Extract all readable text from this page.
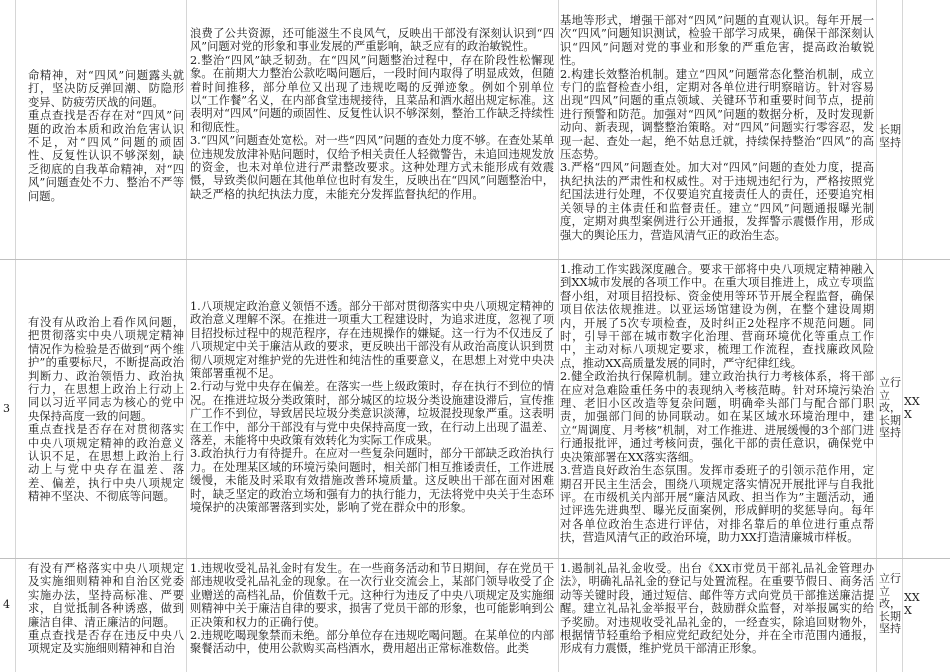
命精神，对“四风”问题露头就打，坚决防反弹回潮、防隐形变异、防疲劳厌战的问题。
重点查找是否存在对“四风”问题的政治本质和政治危害认识不足，对“四风”问题的顽固性、反复性认识不够深刻，缺乏彻底的自我革命精神，对“四风”问题查处不力、整治不严等问题。
浪费了公共资源，还可能滋生不良风气，反映出干部没有深刻认识到“四风”问题对党的形象和事业发展的严重影响，缺乏应有的政治敏锐性。
2.整治“四风”缺乏韧劲。在“四风”问题整治过程中，存在阶段性松懈现象。在前期大力整治公款吃喝问题后，一段时间内取得了明显成效，但随着时间推移，部分单位又出现了违规吃喝的反弹迹象。例如个别单位以“工作餐”名义，在内部食堂违规接待，且菜品和酒水超出规定标准。这表明对“四风”问题的顽固性、反复性认识不够深刻，整治工作缺乏持续性和彻底性。
3.“四风”问题查处宽松。对一些“四风”问题的查处力度不够。在查处某单位违规发放津补贴问题时，仅给予相关责任人轻微警告，未追回违规发放的资金，也未对单位进行严肃整改要求。这种处理方式未能形成有效震慑，导致类似问题在其他单位也时有发生，反映出在“四风”问题整治中，缺乏严格的执纪执法力度，未能充分发挥监督执纪的作用。
基地等形式，增强干部对“四风”问题的直观认识。每年开展一次“四风”问题知识测试，检验干部学习成果，确保干部深刻认识“四风”问题对党的事业和形象的严重危害，提高政治敏锐性。
2.构建长效整治机制。建立“四风”问题常态化整治机制，成立专门的监督检查小组，定期对各单位进行明察暗访。针对容易出现“四风”问题的重点领域、关键环节和重要时间节点，提前进行预警和防范。加强对“四风”问题的数据分析，及时发现新动向、新表现，调整整治策略。对“四风”问题实行零容忍，发现一起、查处一起，绝不姑息迁就，持续保持整治“四风”的高压态势。
3.严格“四风”问题查处。加大对“四风”问题的查处力度，提高执纪执法的严肃性和权威性。对于违规违纪行为，严格按照党纪国法进行处理，不仅要追究直接责任人的责任，还要追究相关领导的主体责任和监督责任。建立“四风”问题通报曝光制度，定期对典型案例进行公开通报，发挥警示震慑作用，形成强大的舆论压力，营造风清气正的政治生态。
长期
坚持
3
有没有从政治上看作风问题，把贯彻落实中央八项规定精神情况作为检验是否做到“两个维护”的重要标尺，不断提高政治判断力、政治领悟力、政治执行力，在思想上政治上行动上同以习近平同志为核心的党中央保持高度一致的问题。
重点查找是否存在对贯彻落实中央八项规定精神的政治意义认识不足，在思想上政治上行动上与党中央存在温差、落差、偏差，执行中央八项规定精神不坚决、不彻底等问题。
1.八项规定政治意义领悟不透。部分干部对贯彻落实中央八项规定精神的政治意义理解不深。在推进一项重大工程建设时，为追求进度，忽视了项目招投标过程中的规范程序，存在违规操作的嫌疑。这一行为不仅违反了八项规定中关于廉洁从政的要求，更反映出干部没有从政治高度认识到贯彻八项规定对维护党的先进性和纯洁性的重要意义，在思想上对党中央决策部署重视不足。
2.行动与党中央存在偏差。在落实一些上级政策时，存在执行不到位的情况。在推进垃圾分类政策时，部分城区的垃圾分类设施建设滞后，宣传推广工作不到位，导致居民垃圾分类意识淡薄，垃圾混投现象严重。这表明在工作中，部分干部没有与党中央保持高度一致，在行动上出现了温差、落差，未能将中央政策有效转化为实际工作成果。
3.政治执行力有待提升。在应对一些复杂问题时，部分干部缺乏政治执行力。在处理某区域的环境污染问题时，相关部门相互推诿责任，工作进展缓慢，未能及时采取有效措施改善环境质量。这反映出干部在面对困难时，缺乏坚定的政治立场和强有力的执行能力，无法将党中央关于生态环境保护的决策部署落到实处，影响了党在群众中的形象。
1.推动工作实践深度融合。要求干部将中央八项规定精神融入到XX城市发展的各项工作中。在重大项目推进上，成立专项监督小组，对项目招投标、资金使用等环节开展全程监督，确保项目依法依规推进。以亚运场馆建设为例，在整个建设周期内，开展了5次专项检查，及时纠正2处程序不规范问题。同时，引导干部在城市数字化治理、营商环境优化等重点工作中，主动对标八项规定要求，梳理工作流程，查找廉政风险点，推动XX高质量发展的同时，严守纪律红线。
2.健全政治执行保障机制。建立政治执行力考核体系，将干部在应对急难险重任务中的表现纳入考核范畴。针对环境污染治理、老旧小区改造等复杂问题，明确牵头部门与配合部门职责，加强部门间的协同联动。如在某区域水环境治理中，建立“周调度、月考核”机制，对工作推进、进展缓慢的3个部门进行通报批评，通过考核问责，强化干部的责任意识，确保党中央决策部署在XX落实落细。
3.营造良好政治生态氛围。发挥市委班子的引领示范作用，定期召开民主生活会，围绕八项规定落实情况开展批评与自我批评。在市级机关内部开展“廉洁风政、担当作为”主题活动，通过评选先进典型、曝光反面案例，形成鲜明的奖惩导向。每年对各单位政治生态进行评估，对排名靠后的单位进行重点帮扶，营造风清气正的政治环境，助力XX打造清廉城市样板。
立行
立
改，
长期
坚持
XX
X
4
有没有严格落实中央八项规定及实施细则精神和自治区党委实施办法，坚持高标准、严要求，自觉抵制各种诱惑，做到廉洁自律、清正廉洁的问题。
重点查找是否存在违反中央八项规定及实施细则精神和自治
1.违规收受礼品礼金时有发生。在一些商务活动和节日期间，存在党员干部违规收受礼品礼金的现象。在一次行业交流会上，某部门领导收受了企业赠送的高档礼品，价值数千元。这种行为违反了中央八项规定及实施细则精神中关于廉洁自律的要求，损害了党员干部的形象，也可能影响到公正决策和权力的正确行使。
2.违规吃喝现象禁而未绝。部分单位存在违规吃喝问题。在某单位的内部聚餐活动中，使用公款购买高档酒水，费用超出正常标准数倍。此类
1.遏制礼品礼金收受。出台《XX市党员干部礼品礼金管理办法》，明确礼品礼金的登记与处置流程。在重要节假日、商务活动等关键时段，通过短信、邮件等方式向党员干部推送廉洁提醒。建立礼品礼金举报平台，鼓励群众监督，对举报属实的给予奖励。对违规收受礼品礼金的，一经查实，除追回财物外，根据情节轻重给予相应党纪政纪处分，并在全市范围内通报，形成有力震慑，维护党员干部清正形象。
立行
立
改，
长期
坚持
XX
X
